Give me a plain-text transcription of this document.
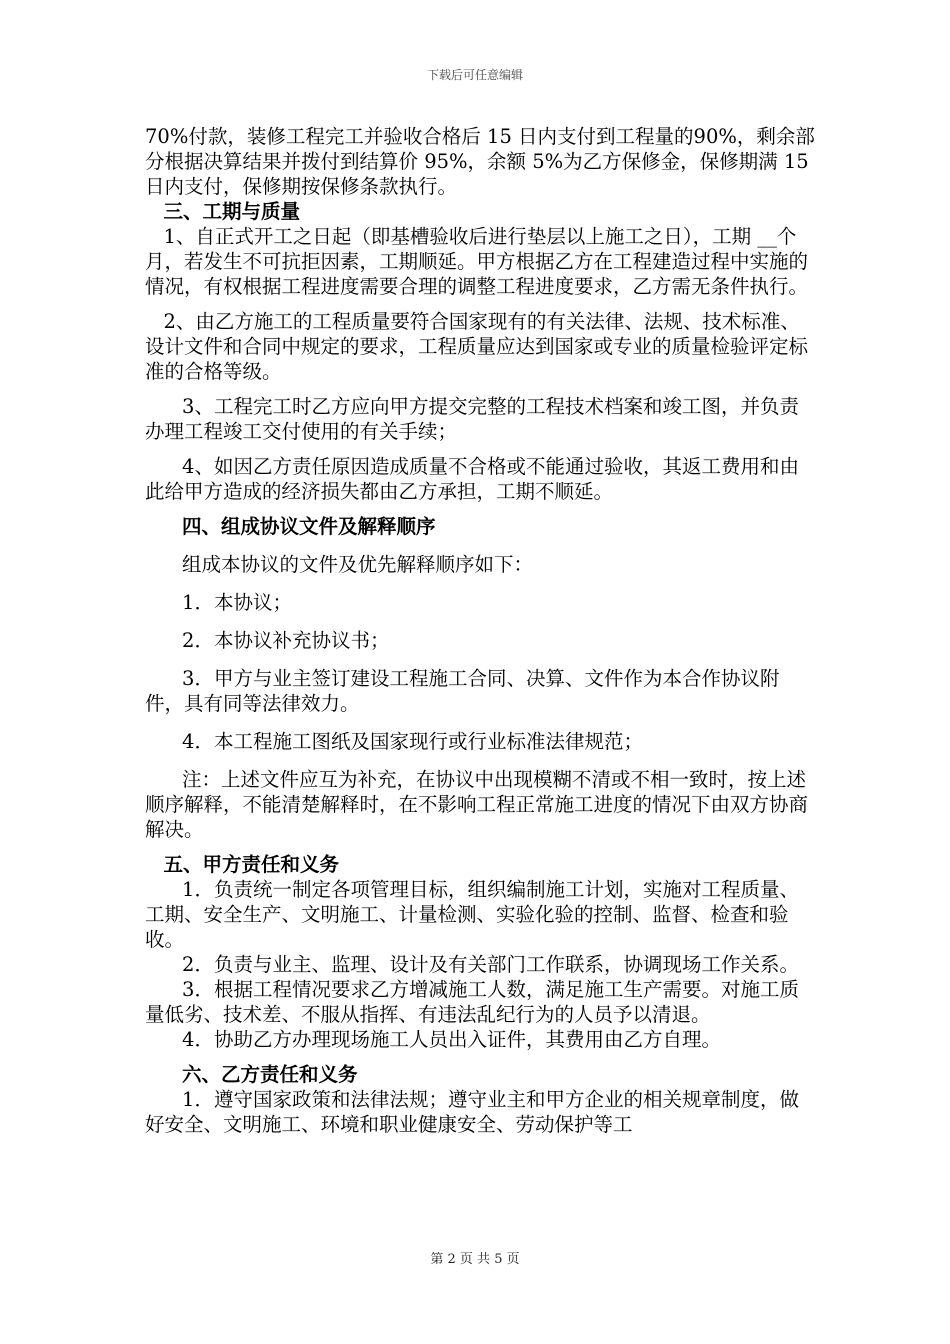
下载后可任意编辑

70%付款，装修工程完工并验收合格后 15 日内支付到工程量的90%，剩余部分根据决算结果并拨付到结算价 95%，余额 5%为乙方保修金，保修期满 15 日内支付，保修期按保修条款执行。

三、工期与质量

1、自正式开工之日起（即基槽验收后进行垫层以上施工之日），工期 __个月，若发生不可抗拒因素，工期顺延。甲方根据乙方在工程建造过程中实施的情况，有权根据工程进度需要合理的调整工程进度要求，乙方需无条件执行。

2、由乙方施工的工程质量要符合国家现有的有关法律、法规、技术标准、设计文件和合同中规定的要求，工程质量应达到国家或专业的质量检验评定标准的合格等级。

3、工程完工时乙方应向甲方提交完整的工程技术档案和竣工图，并负责办理工程竣工交付使用的有关手续；

4、如因乙方责任原因造成质量不合格或不能通过验收，其返工费用和由此给甲方造成的经济损失都由乙方承担，工期不顺延。

四、组成协议文件及解释顺序

组成本协议的文件及优先解释顺序如下：

1．本协议；

2．本协议补充协议书；

3．甲方与业主签订建设工程施工合同、决算、文件作为本合作协议附件，具有同等法律效力。

4．本工程施工图纸及国家现行或行业标准法律规范；

注：上述文件应互为补充，在协议中出现模糊不清或不相一致时，按上述顺序解释，不能清楚解释时，在不影响工程正常施工进度的情况下由双方协商解决。

五、甲方责任和义务

1．负责统一制定各项管理目标，组织编制施工计划，实施对工程质量、工期、安全生产、文明施工、计量检测、实验化验的控制、监督、检查和验收。

2．负责与业主、监理、设计及有关部门工作联系，协调现场工作关系。

3．根据工程情况要求乙方增减施工人数，满足施工生产需要。对施工质量低劣、技术差、不服从指挥、有违法乱纪行为的人员予以清退。

4．协助乙方办理现场施工人员出入证件，其费用由乙方自理。

六、乙方责任和义务

1．遵守国家政策和法律法规；遵守业主和甲方企业的相关规章制度，做好安全、文明施工、环境和职业健康安全、劳动保护等工

第 2 页 共 5 页
